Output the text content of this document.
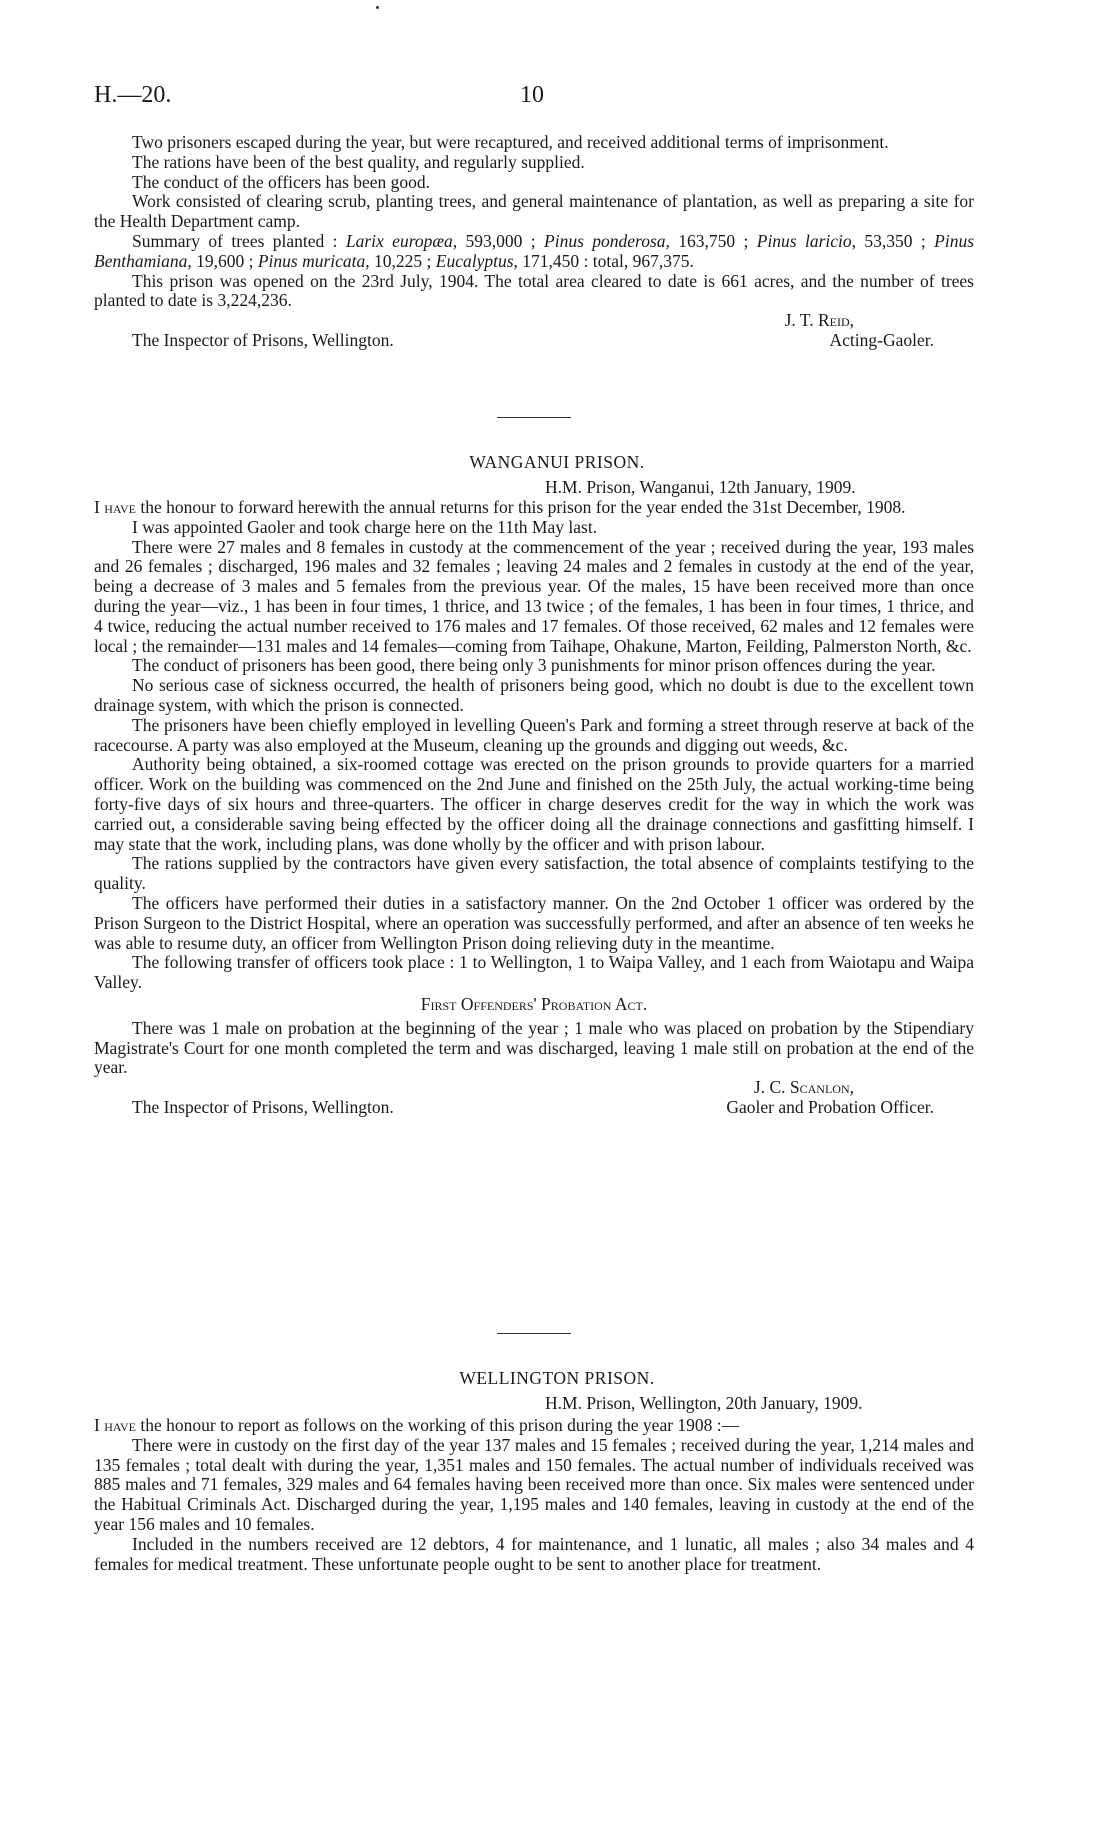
H.—20.	10

Two prisoners escaped during the year, but were recaptured, and received additional terms of imprisonment.

The rations have been of the best quality, and regularly supplied.

The conduct of the officers has been good.

Work consisted of clearing scrub, planting trees, and general maintenance of plantation, as well as preparing a site for the Health Department camp.

Summary of trees planted : Larix europæa, 593,000 ; Pinus ponderosa, 163,750 ; Pinus laricio, 53,350 ; Pinus Benthamiana, 19,600 ; Pinus muricata, 10,225 ; Eucalyptus, 171,450 : total, 967,375.

This prison was opened on the 23rd July, 1904. The total area cleared to date is 661 acres, and the number of trees planted to date is 3,224,236.

J. T. Reid,
Acting-Gaoler.
The Inspector of Prisons, Wellington.
WANGANUI PRISON.
H.M. Prison, Wanganui, 12th January, 1909.

I have the honour to forward herewith the annual returns for this prison for the year ended the 31st December, 1908.

I was appointed Gaoler and took charge here on the 11th May last.

There were 27 males and 8 females in custody at the commencement of the year ; received during the year, 193 males and 26 females ; discharged, 196 males and 32 females ; leaving 24 males and 2 females in custody at the end of the year, being a decrease of 3 males and 5 females from the previous year. Of the males, 15 have been received more than once during the year—viz., 1 has been in four times, 1 thrice, and 13 twice ; of the females, 1 has been in four times, 1 thrice, and 4 twice, reducing the actual number received to 176 males and 17 females. Of those received, 62 males and 12 females were local ; the remainder—131 males and 14 females—coming from Taihape, Ohakune, Marton, Feilding, Palmerston North, &c.

The conduct of prisoners has been good, there being only 3 punishments for minor prison offences during the year.

No serious case of sickness occurred, the health of prisoners being good, which no doubt is due to the excellent town drainage system, with which the prison is connected.

The prisoners have been chiefly employed in levelling Queen's Park and forming a street through reserve at back of the racecourse. A party was also employed at the Museum, cleaning up the grounds and digging out weeds, &c.

Authority being obtained, a six-roomed cottage was erected on the prison grounds to provide quarters for a married officer. Work on the building was commenced on the 2nd June and finished on the 25th July, the actual working-time being forty-five days of six hours and three-quarters. The officer in charge deserves credit for the way in which the work was carried out, a considerable saving being effected by the officer doing all the drainage connections and gasfitting himself. I may state that the work, including plans, was done wholly by the officer and with prison labour.

The rations supplied by the contractors have given every satisfaction, the total absence of complaints testifying to the quality.

The officers have performed their duties in a satisfactory manner. On the 2nd October 1 officer was ordered by the Prison Surgeon to the District Hospital, where an operation was successfully performed, and after an absence of ten weeks he was able to resume duty, an officer from Wellington Prison doing relieving duty in the meantime.

The following transfer of officers took place : 1 to Wellington, 1 to Waipa Valley, and 1 each from Waiotapu and Waipa Valley.

First Offenders' Probation Act.

There was 1 male on probation at the beginning of the year ; 1 male who was placed on probation by the Stipendiary Magistrate's Court for one month completed the term and was discharged, leaving 1 male still on probation at the end of the year.

J. C. Scanlon,
Gaoler and Probation Officer.
The Inspector of Prisons, Wellington.
WELLINGTON PRISON.
H.M. Prison, Wellington, 20th January, 1909.

I have the honour to report as follows on the working of this prison during the year 1908 :—

There were in custody on the first day of the year 137 males and 15 females ; received during the year, 1,214 males and 135 females ; total dealt with during the year, 1,351 males and 150 females. The actual number of individuals received was 885 males and 71 females, 329 males and 64 females having been received more than once. Six males were sentenced under the Habitual Criminals Act. Discharged during the year, 1,195 males and 140 females, leaving in custody at the end of the year 156 males and 10 females.

Included in the numbers received are 12 debtors, 4 for maintenance, and 1 lunatic, all males ; also 34 males and 4 females for medical treatment. These unfortunate people ought to be sent to another place for treatment.
